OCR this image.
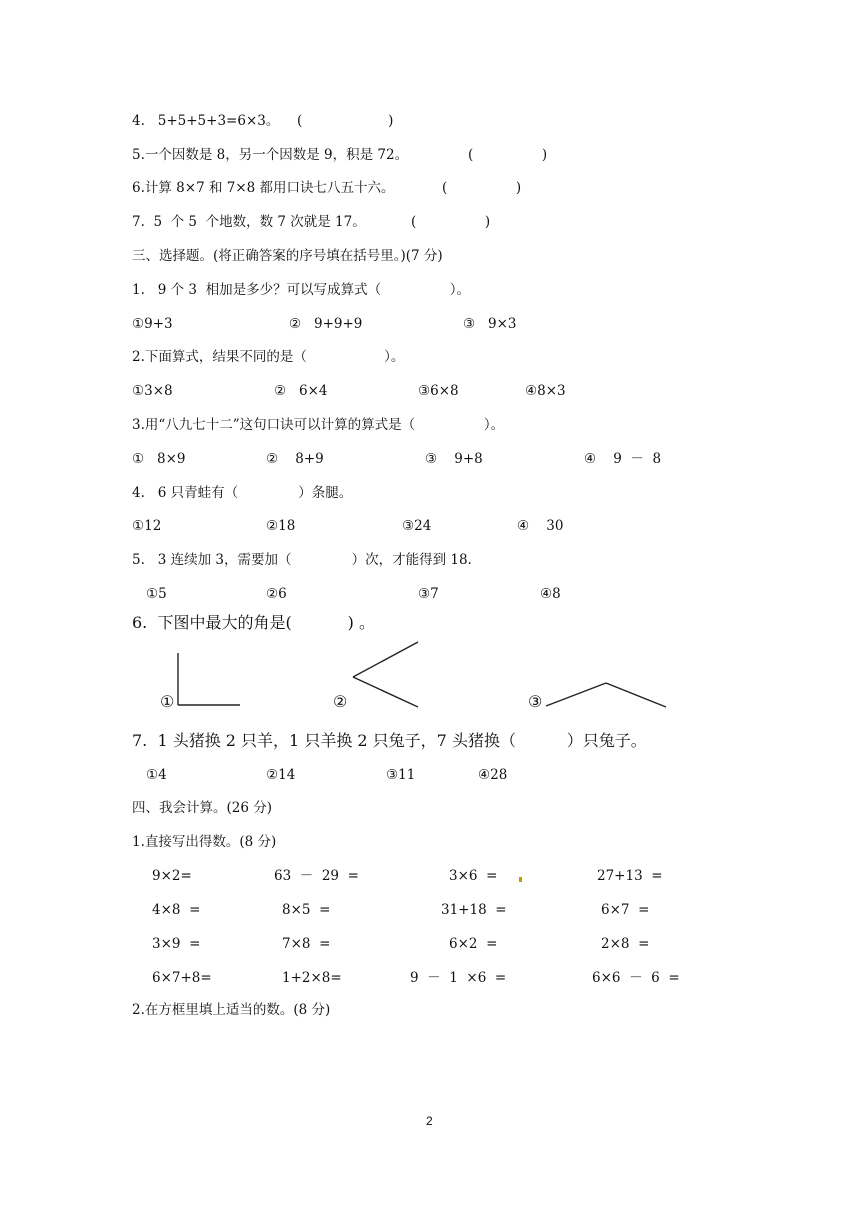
4.   5+5+5+3=6×3。 (                    )
5.一个因数是 8，另一个因数是 9，积是 72。	(                )
6.计算 8×7 和 7×8 都用口诀七八五十六。	(                )
7.  5  个 5  个地数，数 7 次就是 17。	(                )
三、选择题。(将正确答案的序号填在括号里。)(7 分)
1.   9 个 3  相加是多少？可以写成算式（                ）。
①9+3	②   9+9+9	③   9×3
2.下面算式，结果不同的是（                  ）。
①3×8	②   6×4	③6×8	④8×3
3.用“八九七十二”这句口诀可以计算的算式是（                ）。
①   8×9	②    8+9	③    9+8	④    9  －  8
4.   6 只青蛙有（              ）条腿。
①12	②18	③24	④    30
5.   3 连续加 3，需要加（              ）次，才能得到 18.
①5	②6	③7	④8
6.  下图中最大的角是(           ) 。
①	②	③
7.  1 头猪换 2 只羊，1 只羊换 2 只兔子，7 头猪换（          ）只兔子。
①4	②14	③11	④28
四、我会计算。(26 分)
1.直接写出得数。(8 分)
9×2=	63  －  29  =	3×6  =	27+13  =
4×8  =	8×5  =	31+18  =	6×7  =
3×9  =	7×8  =	6×2  =	2×8  =
6×7+8=	1+2×8=	9  －  1  ×6  =	6×6  －  6  =
2.在方框里填上适当的数。(8 分)
2
